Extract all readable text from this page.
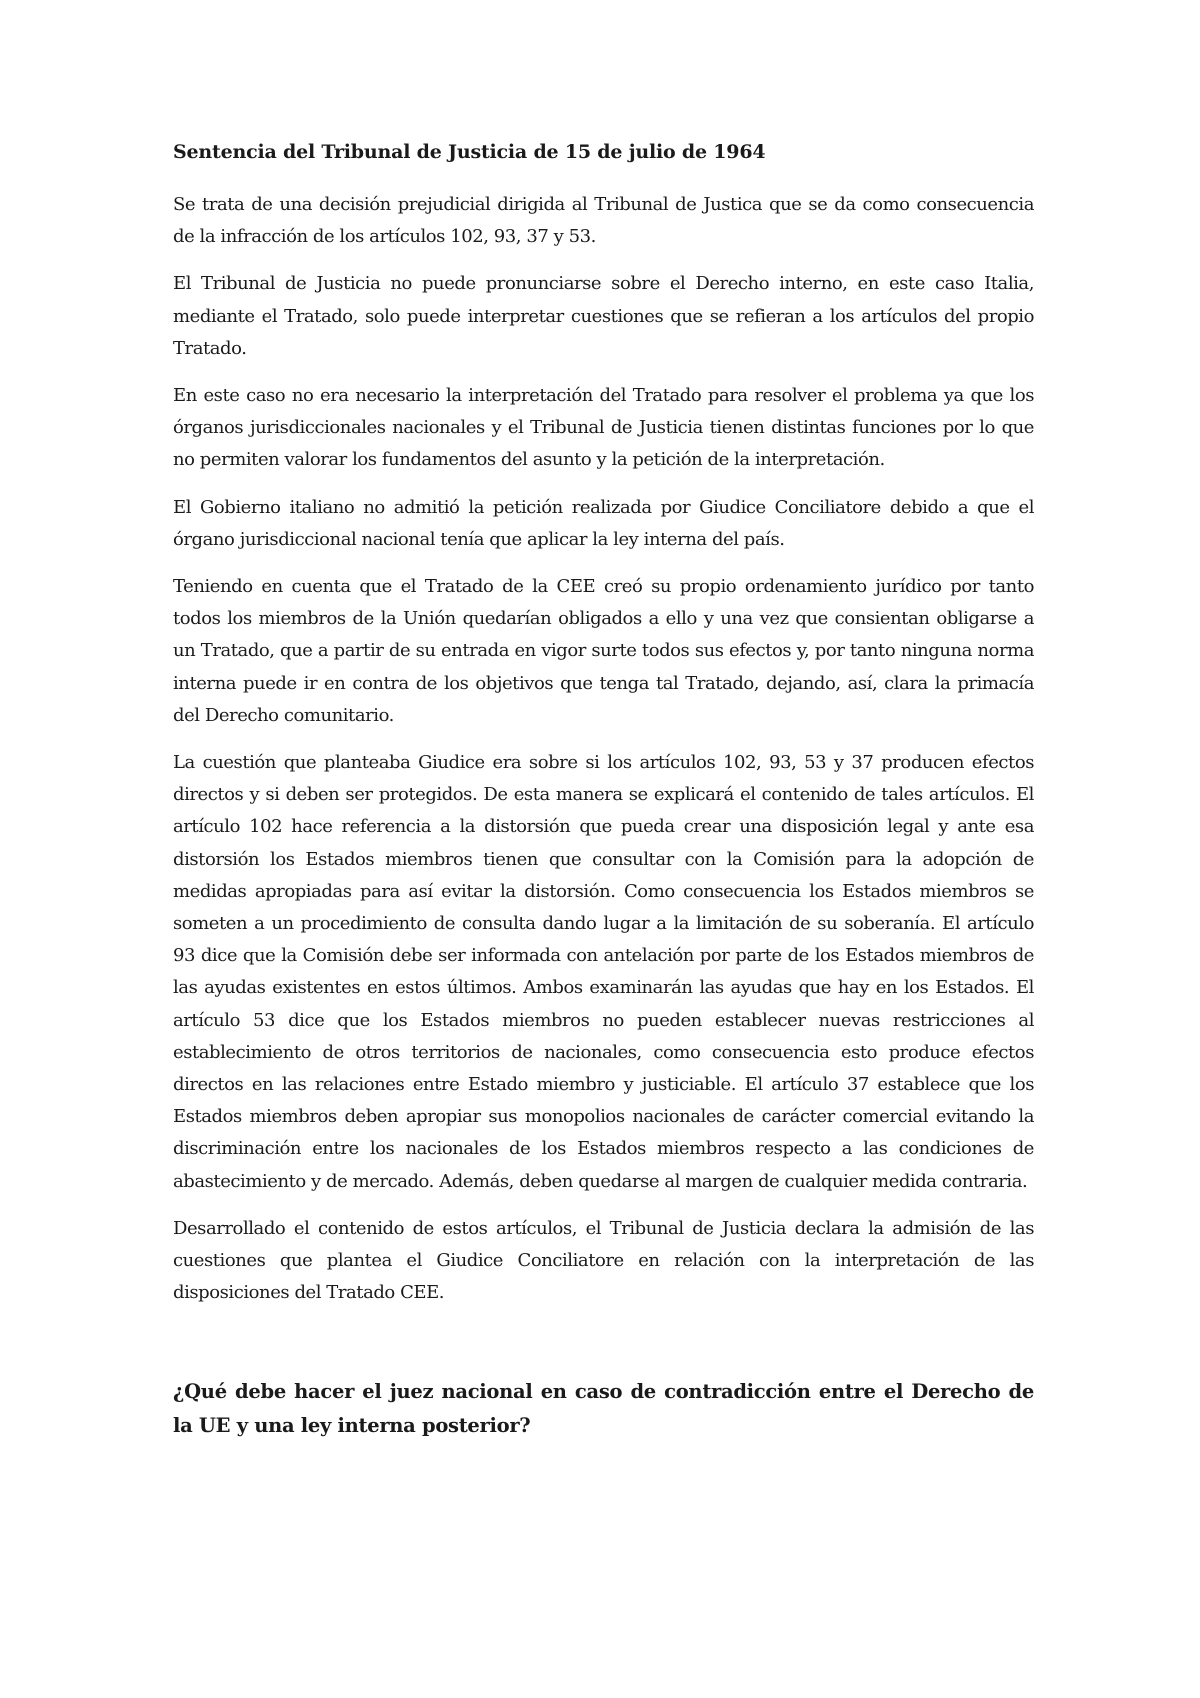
Sentencia del Tribunal de Justicia de 15 de julio de 1964

Se trata de una decisión prejudicial dirigida al Tribunal de Justica que se da como consecuencia de la infracción de los artículos 102, 93, 37 y 53.

El Tribunal de Justicia no puede pronunciarse sobre el Derecho interno, en este caso Italia, mediante el Tratado, solo puede interpretar cuestiones que se refieran a los artículos del propio Tratado.

En este caso no era necesario la interpretación del Tratado para resolver el problema ya que los órganos jurisdiccionales nacionales y el Tribunal de Justicia tienen distintas funciones por lo que no permiten valorar los fundamentos del asunto y la petición de la interpretación.

El Gobierno italiano no admitió la petición realizada por Giudice Conciliatore debido a que el órgano jurisdiccional nacional tenía que aplicar la ley interna del país.

Teniendo en cuenta que el Tratado de la CEE creó su propio ordenamiento jurídico por tanto todos los miembros de la Unión quedarían obligados a ello y una vez que consientan obligarse a un Tratado, que a partir de su entrada en vigor surte todos sus efectos y, por tanto ninguna norma interna puede ir en contra de los objetivos que tenga tal Tratado, dejando, así, clara la primacía del Derecho comunitario.

La cuestión que planteaba Giudice era sobre si los artículos 102, 93, 53 y 37 producen efectos directos y si deben ser protegidos. De esta manera se explicará el contenido de tales artículos. El artículo 102 hace referencia a la distorsión que pueda crear una disposición legal y ante esa distorsión los Estados miembros tienen que consultar con la Comisión para la adopción de medidas apropiadas para así evitar la distorsión. Como consecuencia los Estados miembros se someten a un procedimiento de consulta dando lugar a la limitación de su soberanía. El artículo 93 dice que la Comisión debe ser informada con antelación por parte de los Estados miembros de las ayudas existentes en estos últimos. Ambos examinarán las ayudas que hay en los Estados. El artículo 53 dice que los Estados miembros no pueden establecer nuevas restricciones al establecimiento de otros territorios de nacionales, como consecuencia esto produce efectos directos en las relaciones entre Estado miembro y justiciable. El artículo 37 establece que los Estados miembros deben apropiar sus monopolios nacionales de carácter comercial evitando la discriminación entre los nacionales de los Estados miembros respecto a las condiciones de abastecimiento y de mercado. Además, deben quedarse al margen de cualquier medida contraria.

Desarrollado el contenido de estos artículos, el Tribunal de Justicia declara la admisión de las cuestiones que plantea el Giudice Conciliatore en relación con la interpretación de las disposiciones del Tratado CEE.

¿Qué debe hacer el juez nacional en caso de contradicción entre el Derecho de la UE y una ley interna posterior?
